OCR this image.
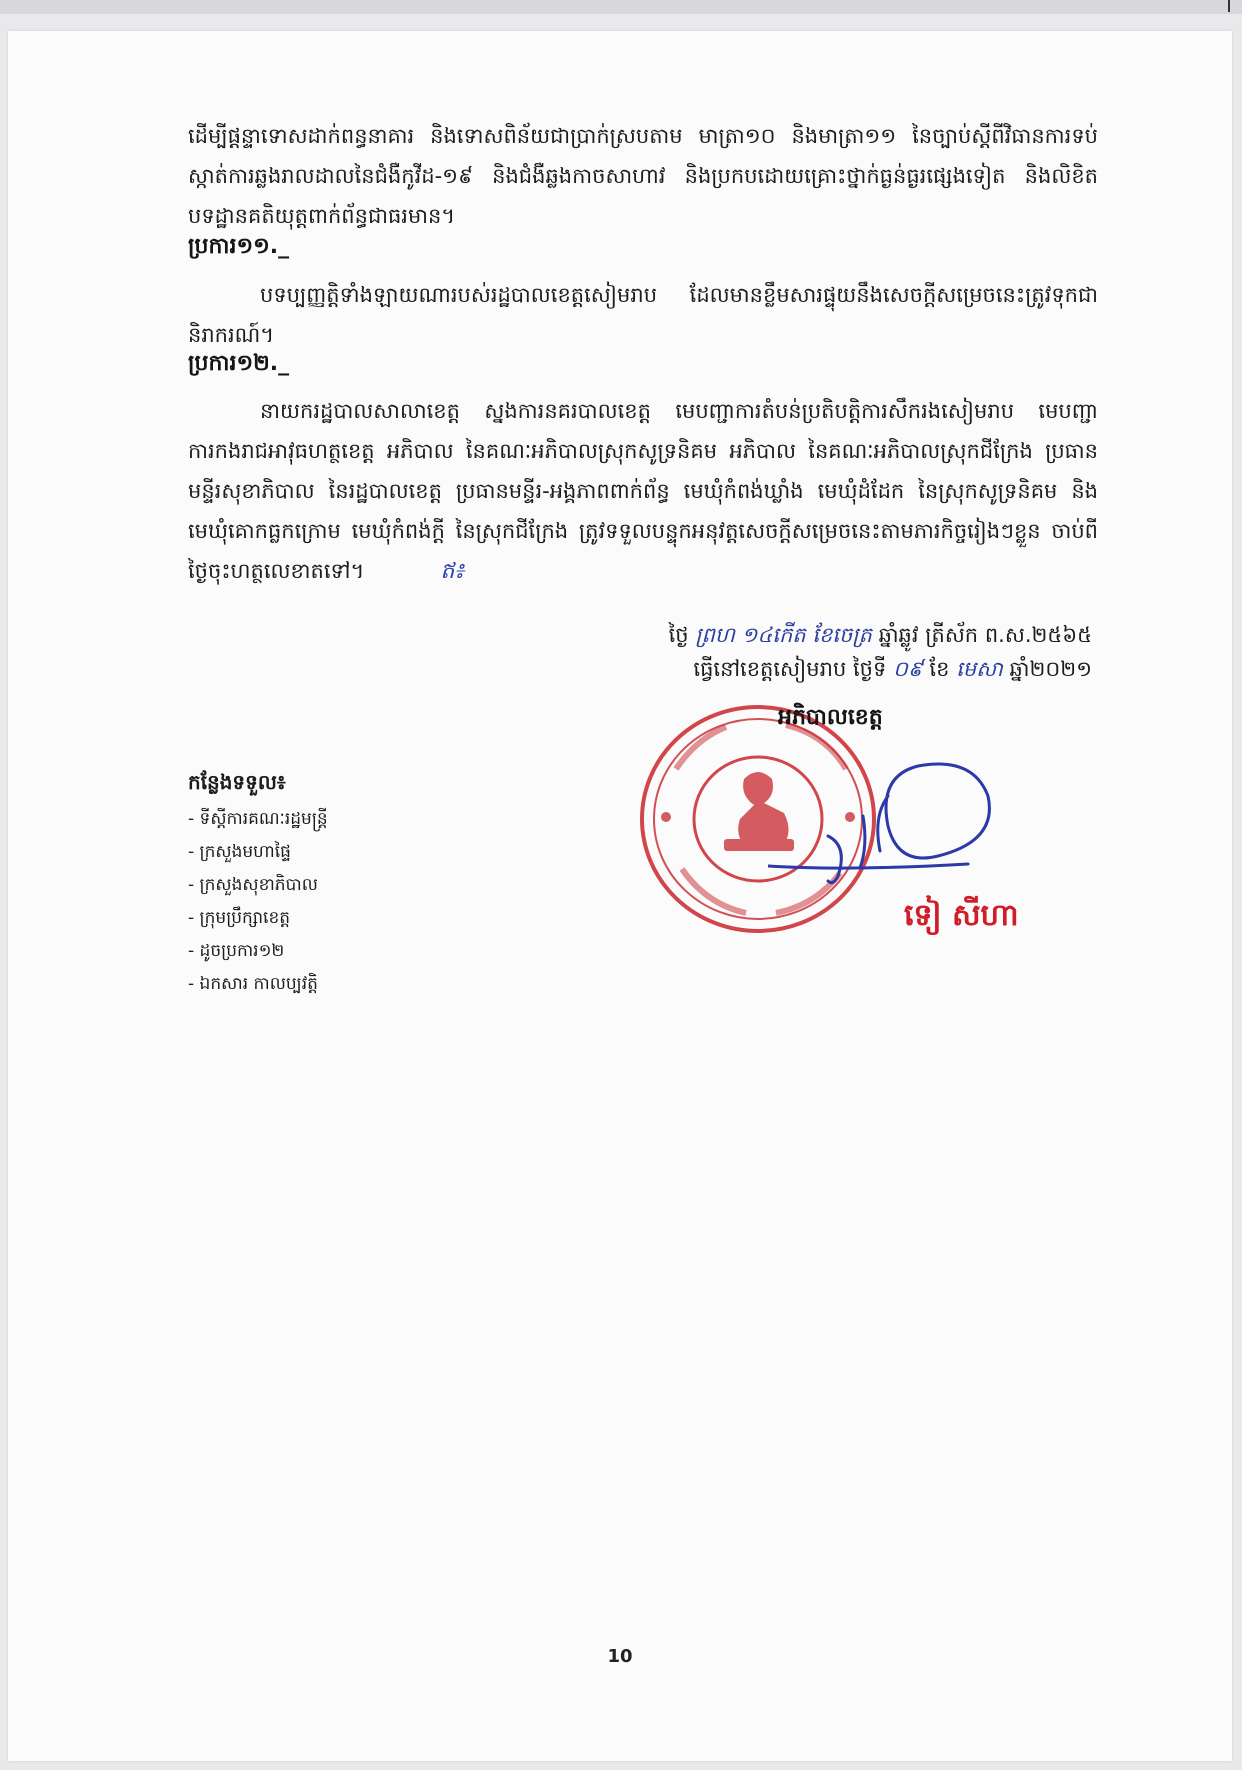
ដើម្បីផ្តន្ទាទោសដាក់ពន្ធនាគារ និងទោសពិន័យជាប្រាក់ស្របតាម មាត្រា១០ និងមាត្រា១១ នៃច្បាប់ស្តីពីវិធានការទប់ស្កាត់ការឆ្លងរាលដាលនៃជំងឺកូវីដ-១៩ និងជំងឺឆ្លងកាចសាហាវ និងប្រកបដោយគ្រោះថ្នាក់ធ្ងន់ធ្ងរផ្សេងទៀត និងលិខិតបទដ្ឋានគតិយុត្តពាក់ព័ន្ធជាធរមាន។
ប្រការ១១._
បទប្បញ្ញត្តិទាំងឡាយណារបស់រដ្ឋបាលខេត្តសៀមរាប ដែលមានខ្លឹមសារផ្ទុយនឹងសេចក្តីសម្រេចនេះត្រូវទុកជានិរាករណ៍។
ប្រការ១២._
នាយករដ្ឋបាលសាលាខេត្ត ស្នងការនគរបាលខេត្ត មេបញ្ជាការតំបន់ប្រតិបត្តិការសឹករងសៀមរាប មេបញ្ជាការកងរាជអាវុធហត្ថខេត្ត អភិបាល នៃគណៈអភិបាលស្រុកសូទ្រនិគម អភិបាល នៃគណៈអភិបាលស្រុកជីក្រែង ប្រធានមន្ទីរសុខាភិបាល នៃរដ្ឋបាលខេត្ត ប្រធានមន្ទីរ-អង្គភាពពាក់ព័ន្ធ មេឃុំកំពង់ឃ្លាំង មេឃុំដំដែក នៃស្រុកសូទ្រនិគម និងមេឃុំគោកធ្លកក្រោម មេឃុំកំពង់ក្តី នៃស្រុកជីក្រែង ត្រូវទទួលបន្ទុកអនុវត្តសេចក្តីសម្រេចនេះតាមភារកិច្ចរៀងៗខ្លួន ចាប់ពីថ្ងៃចុះហត្ថលេខាតទៅ។	ឥ៖
ថ្ងៃ ព្រហ ១៤កើត ខែចេត្រ ឆ្នាំឆ្លូវ ត្រីស័ក ព.ស.២៥៦៥
ធ្វើនៅខេត្តសៀមរាប ថ្ងៃទី ០៩ ខែ មេសា ឆ្នាំ២០២១
អភិបាលខេត្ត
ទៀ សីហា
កន្លែងទទួល៖
- ទីស្តីការគណៈរដ្ឋមន្ត្រី
- ក្រសួងមហាផ្ទៃ
- ក្រសួងសុខាភិបាល
- ក្រុមប្រឹក្សាខេត្ត
- ដូចប្រការ១២
- ឯកសារ កាលប្បវត្តិ
10
